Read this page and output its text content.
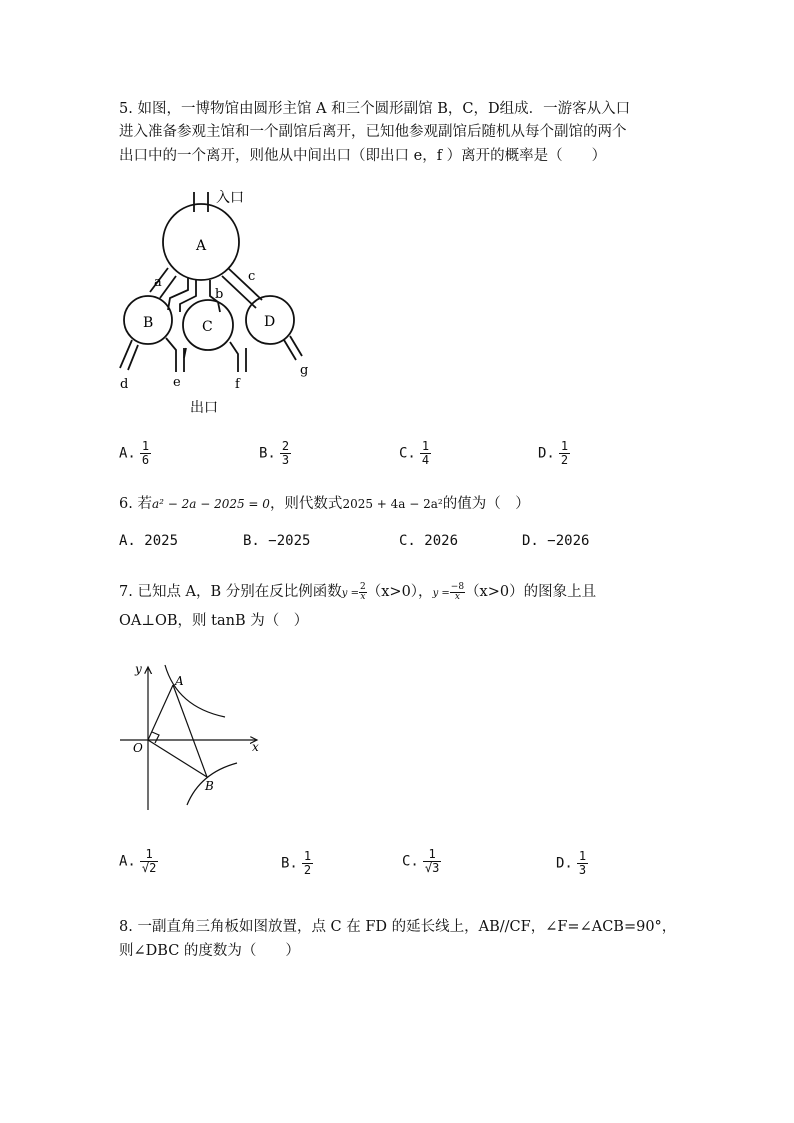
5. 如图，一博物馆由圆形主馆 A 和三个圆形副馆 B，C，D组成．一游客从入口
进入准备参观主馆和一个副馆后离开，已知他参观副馆后随机从每个副馆的两个
出口中的一个离开，则他从中间出口（即出口 e，f ）离开的概率是（　　）
入口
A
B	C	D
a
b
c
d	e	f
g
出口
A. $\frac{1}{6}$	B. $\frac{2}{3}$	C. $\frac{1}{4}$	D. $\frac{1}{2}$
6. 若a² − 2a − 2025 = 0，则代数式2025 + 4a − 2a²的值为（　）
A. 2025	B. −2025	C. 2026	D. −2026
7. 已知点 A，B 分别在反比例函数$y = \frac{2}{x} (x>0)$，$y = \frac{-8}{x} (x>0)$的图象上且
OA⊥OB，则 tanB 为（　）
y
x
O
A
B
A. $\frac{1}{√2}$	B. $\frac{1}{2}$	C. $\frac{1}{√3}$	D. $\frac{1}{3}$
8. 一副直角三角板如图放置，点 C 在 FD 的延长线上，AB//CF，∠F=∠ACB=90°，
则∠DBC 的度数为（　　）
